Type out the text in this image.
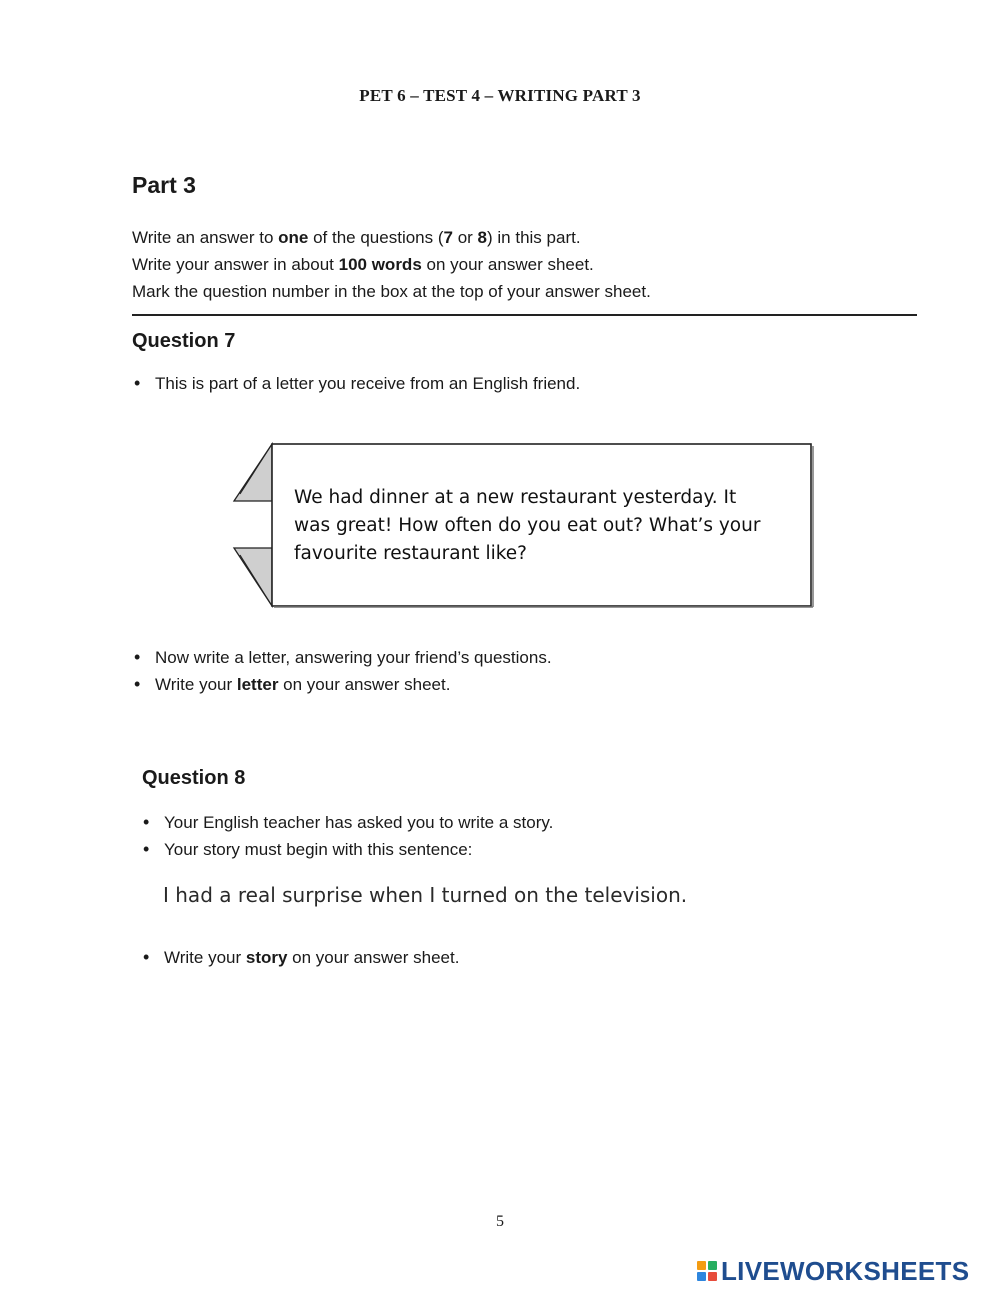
PET 6 – TEST 4 – WRITING PART 3
Part 3
Write an answer to one of the questions (7 or 8) in this part.
Write your answer in about 100 words on your answer sheet.
Mark the question number in the box at the top of your answer sheet.
Question 7
• This is part of a letter you receive from an English friend.
We had dinner at a new restaurant yesterday. It
was great! How often do you eat out? What’s your
favourite restaurant like?
• Now write a letter, answering your friend’s questions.
• Write your letter on your answer sheet.
Question 8
• Your English teacher has asked you to write a story.
• Your story must begin with this sentence:
I had a real surprise when I turned on the television.
• Write your story on your answer sheet.
5
LIVEWORKSHEETS
